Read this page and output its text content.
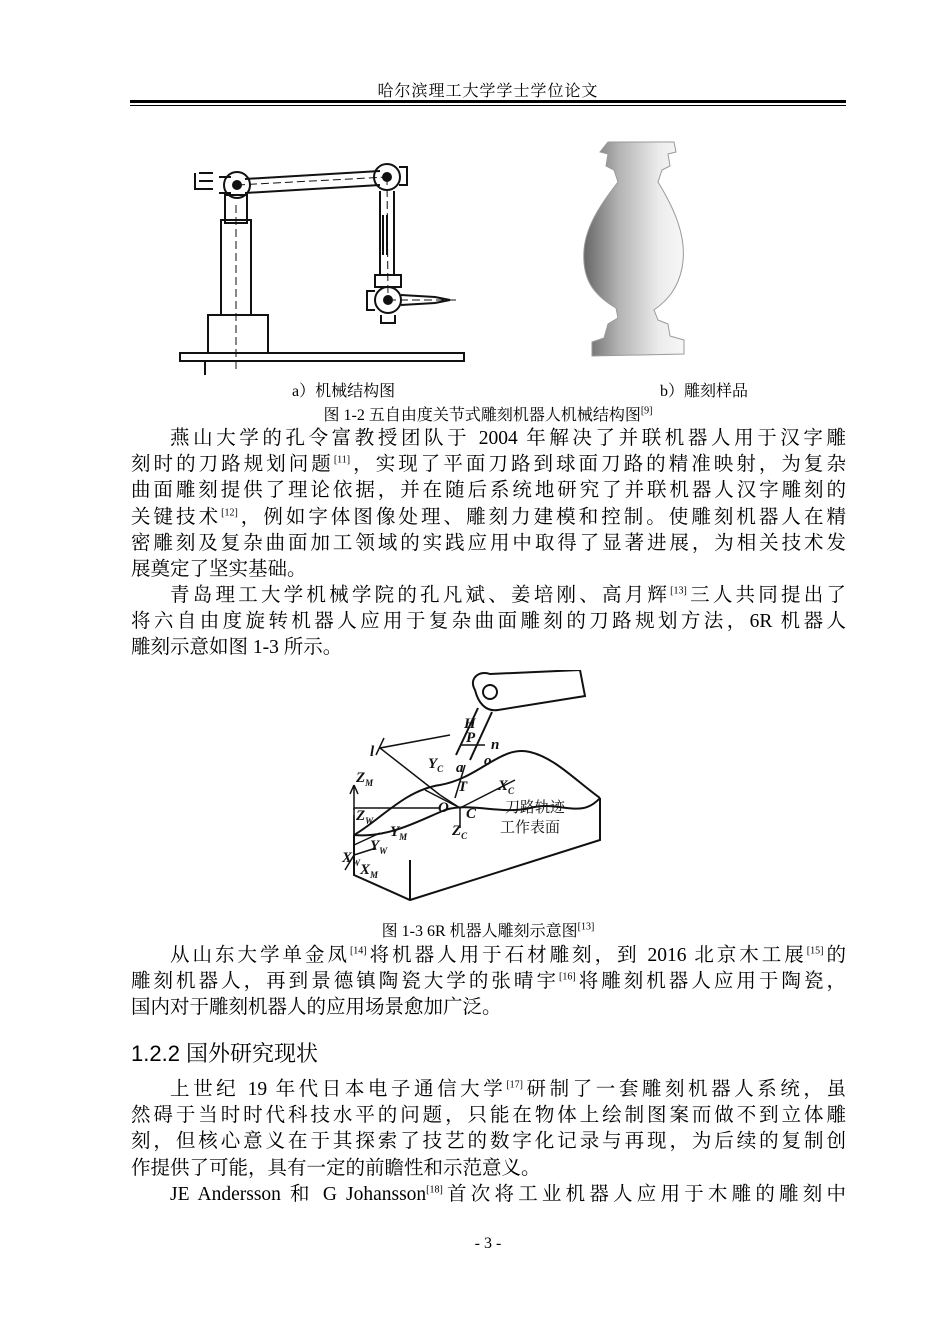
哈尔滨理工大学学士学位论文
a）机械结构图	b）雕刻样品
图 1-2 五自由度关节式雕刻机器人机械结构图[9]
燕山大学的孔令富教授团队于 2004 年解决了并联机器人用于汉字雕
刻时的刀路规划问题[11]，实现了平面刀路到球面刀路的精准映射，为复杂
曲面雕刻提供了理论依据，并在随后系统地研究了并联机器人汉字雕刻的
关键技术[12]，例如字体图像处理、雕刻力建模和控制。使雕刻机器人在精
密雕刻及复杂曲面加工领域的实践应用中取得了显著进展，为相关技术发
展奠定了坚实基础。
青岛理工大学机械学院的孔凡斌、姜培刚、高月辉[13]三人共同提出了
将六自由度旋转机器人应用于复杂曲面雕刻的刀路规划方法，6R 机器人
雕刻示意如图 1-3 所示。
H
P n
o
l
a
T
O C
$Y_C$
$X_C$
$Z_C$
$Z_M$
$Z_W$
$Y_M$
$Y_W$
$X_W$ $X_M$
刀路轨迹
工作表面
图 1-3 6R 机器人雕刻示意图[13]
从山东大学单金凤[14]将机器人用于石材雕刻，到 2016 北京木工展[15]的
雕刻机器人，再到景德镇陶瓷大学的张晴宇[16]将雕刻机器人应用于陶瓷，
国内对于雕刻机器人的应用场景愈加广泛。
1.2.2 国外研究现状
上世纪 19 年代日本电子通信大学[17]研制了一套雕刻机器人系统，虽
然碍于当时时代科技水平的问题，只能在物体上绘制图案而做不到立体雕
刻，但核心意义在于其探索了技艺的数字化记录与再现，为后续的复制创
作提供了可能，具有一定的前瞻性和示范意义。
JE Andersson 和 G Johansson[18]首次将工业机器人应用于木雕的雕刻中
- 3 -
